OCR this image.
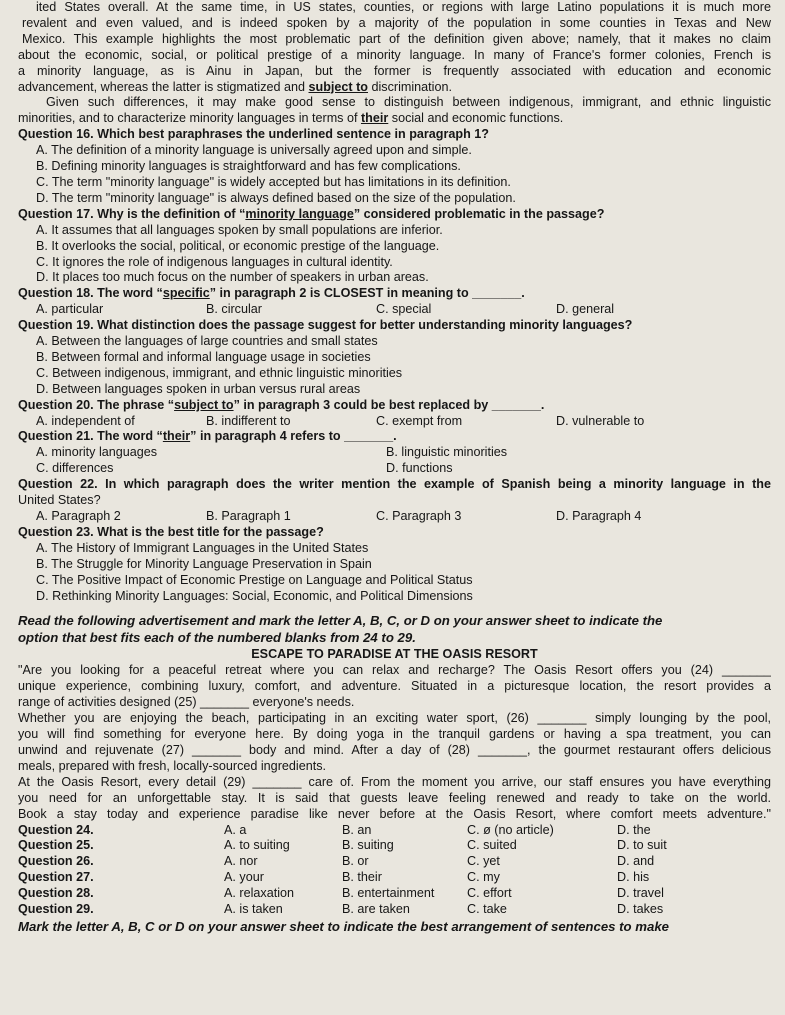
ited States overall. At the same time, in US states, counties, or regions with large Latino populations it is much more
revalent and even valued, and is indeed spoken by a majority of the population in some counties in Texas and New
Mexico. This example highlights the most problematic part of the definition given above; namely, that it makes no claim
about the economic, social, or political prestige of a minority language. In many of France's former colonies, French is
a minority language, as is Ainu in Japan, but the former is frequently associated with education and economic
advancement, whereas the latter is stigmatized and subject to discrimination.
Given such differences, it may make good sense to distinguish between indigenous, immigrant, and ethnic linguistic
minorities, and to characterize minority languages in terms of their social and economic functions.
Question 16. Which best paraphrases the underlined sentence in paragraph 1?
A. The definition of a minority language is universally agreed upon and simple.
B. Defining minority languages is straightforward and has few complications.
C. The term "minority language" is widely accepted but has limitations in its definition.
D. The term "minority language" is always defined based on the size of the population.
Question 17. Why is the definition of “minority language” considered problematic in the passage?
A. It assumes that all languages spoken by small populations are inferior.
B. It overlooks the social, political, or economic prestige of the language.
C. It ignores the role of indigenous languages in cultural identity.
D. It places too much focus on the number of speakers in urban areas.
Question 18. The word “specific” in paragraph 2 is CLOSEST in meaning to _______.
A. particular	B. circular	C. special	D. general
Question 19. What distinction does the passage suggest for better understanding minority languages?
A. Between the languages of large countries and small states
B. Between formal and informal language usage in societies
C. Between indigenous, immigrant, and ethnic linguistic minorities
D. Between languages spoken in urban versus rural areas
Question 20. The phrase “subject to” in paragraph 3 could be best replaced by _______.
A. independent of	B. indifferent to	C. exempt from	D. vulnerable to
Question 21. The word “their” in paragraph 4 refers to _______.
A. minority languages	B. linguistic minorities
C. differences	D. functions
Question 22. In which paragraph does the writer mention the example of Spanish being a minority language in the
United States?
A. Paragraph 2	B. Paragraph 1	C. Paragraph 3	D. Paragraph 4
Question 23. What is the best title for the passage?
A. The History of Immigrant Languages in the United States
B. The Struggle for Minority Language Preservation in Spain
C. The Positive Impact of Economic Prestige on Language and Political Status
D. Rethinking Minority Languages: Social, Economic, and Political Dimensions
Read the following advertisement and mark the letter A, B, C, or D on your answer sheet to indicate the
option that best fits each of the numbered blanks from 24 to 29.
ESCAPE TO PARADISE AT THE OASIS RESORT
"Are you looking for a peaceful retreat where you can relax and recharge? The Oasis Resort offers you (24) _______
unique experience, combining luxury, comfort, and adventure. Situated in a picturesque location, the resort provides a
range of activities designed (25) _______ everyone's needs.
Whether you are enjoying the beach, participating in an exciting water sport, (26) _______ simply lounging by the pool,
you will find something for everyone here. By doing yoga in the tranquil gardens or having a spa treatment, you can
unwind and rejuvenate (27) _______ body and mind. After a day of (28) _______, the gourmet restaurant offers delicious
meals, prepared with fresh, locally-sourced ingredients.
At the Oasis Resort, every detail (29) _______ care of. From the moment you arrive, our staff ensures you have everything
you need for an unforgettable stay. It is said that guests leave feeling renewed and ready to take on the world.
Book a stay today and experience paradise like never before at the Oasis Resort, where comfort meets adventure."
Question 24.	A. a	B. an	C. ø (no article)	D. the
Question 25.	A. to suiting	B. suiting	C. suited	D. to suit
Question 26.	A. nor	B. or	C. yet	D. and
Question 27.	A. your	B. their	C. my	D. his
Question 28.	A. relaxation	B. entertainment	C. effort	D. travel
Question 29.	A. is taken	B. are taken	C. take	D. takes
Mark the letter A, B, C or D on your answer sheet to indicate the best arrangement of sentences to make
